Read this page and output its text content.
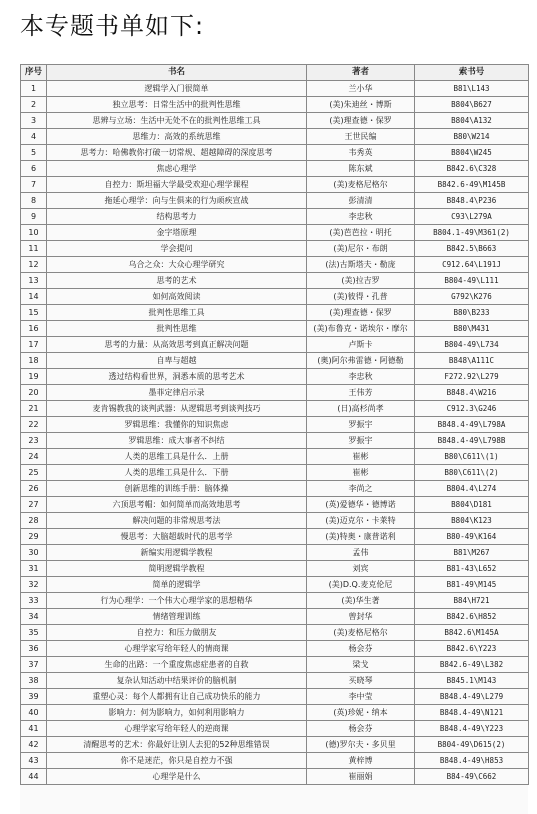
本专题书单如下:
序号	书名	著者	索书号
1	逻辑学入门很简单	兰小华	B81\L143
2	独立思考：日常生活中的批判性思维	(美)朱迪丝・博斯	B804\B627
3	思辨与立场：生活中无处不在的批判性思维工具	(美)理查德・保罗	B804\A132
4	思维力：高效的系统思维	王世民编	B80\W214
5	思考力：哈佛教你打破一切常规、超越障碍的深度思考	韦秀英	B804\W245
6	焦虑心理学	陈东斌	B842.6\C328
7	自控力：斯坦福大学最受欢迎心理学课程	(美)麦格尼格尔	B842.6-49\M145B
8	拖延心理学：向与生俱来的行为顽疾宣战	彭清清	B848.4\P236
9	结构思考力	李忠秋	C93\L279A
10	金字塔原理	(美)芭芭拉・明托	B804.1-49\M361(2)
11	学会提问	(美)尼尔・布朗	B842.5\B663
12	乌合之众：大众心理学研究	(法)古斯塔夫・勒庞	C912.64\L191J
13	思考的艺术	(美)拉吉罗	B804-49\L111
14	如何高效阅读	(美)彼得・孔普	G792\K276
15	批判性思维工具	(美)理查德・保罗	B80\B233
16	批判性思维	(美)布鲁克・诺埃尔・摩尔	B80\M431
17	思考的力量：从高效思考到真正解决问题	卢斯卡	B804-49\L734
18	自卑与超越	(奥)阿尔弗雷德・阿德勒	B848\A111C
19	透过结构看世界，洞悉本质的思考艺术	李忠秋	F272.92\L279
20	墨菲定律启示录	王伟芳	B848.4\W216
21	麦肯锡教我的谈判武器：从逻辑思考到谈判技巧	(日)高杉尚孝	C912.3\G246
22	罗辑思维：我懂你的知识焦虑	罗振宇	B848.4-49\L798A
23	罗辑思维：成大事者不纠结	罗振宇	B848.4-49\L798B
24	人类的思维工具是什么．上册	崔彬	B80\C611\(1)
25	人类的思维工具是什么．下册	崔彬	B80\C611\(2)
26	创新思维的训练手册：脑体操	李尚之	B804.4\L274
27	六顶思考帽：如何简单而高效地思考	(英)爱德华・德博诺	B804\D181
28	解决问题的非常规思考法	(美)迈克尔・卡莱特	B804\K123
29	慢思考：大脑超载时代的思考学	(美)特奥・康普诺利	B80-49\K164
30	新编实用逻辑学教程	孟伟	B81\M267
31	简明逻辑学教程	刘宾	B81-43\L652
32	简单的逻辑学	(美)D.Q.麦克伦尼	B81-49\M145
33	行为心理学：一个伟大心理学家的思想精华	(美)华生著	B84\H721
34	情绪管理训练	曾封华	B842.6\H852
35	自控力：和压力做朋友	(美)麦格尼格尔	B842.6\M145A
36	心理学家写给年轻人的情商课	杨会芬	B842.6\Y223
37	生命的出路：一个重度焦虑症患者的自救	梁戈	B842.6-49\L382
38	复杂认知活动中结果评价的脑机制	买晓琴	B845.1\M143
39	重塑心灵：每个人都拥有让自己成功快乐的能力	李中莹	B848.4-49\L279
40	影响力：何为影响力，如何利用影响力	(英)珍妮・纳本	B848.4-49\N121
41	心理学家写给年轻人的逆商课	杨会芬	B848.4-49\Y223
42	清醒思考的艺术：你最好让别人去犯的52种思维错误	(德)罗尔夫・多贝里	B804-49\D615(2)
43	你不是迷茫，你只是自控力不强	黄梓博	B848.4-49\H853
44	心理学是什么	崔丽娟	B84-49\C662
